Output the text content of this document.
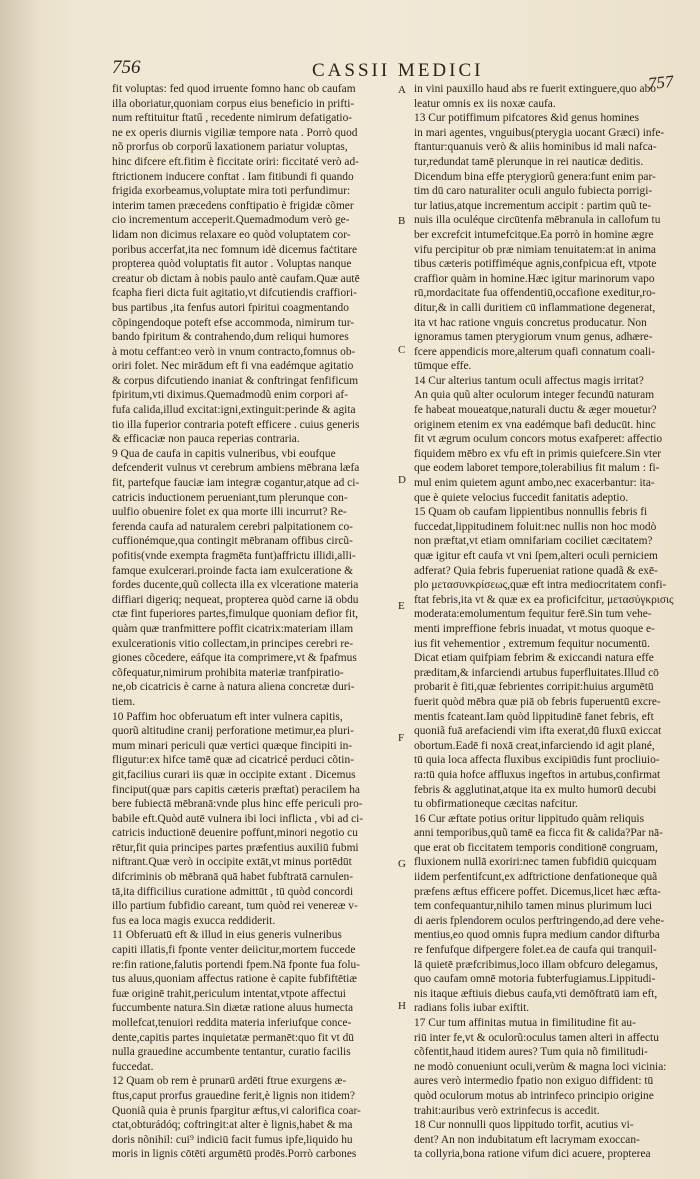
756	CASSII MEDICI
757
fit voluptas: fed quod irruente fomno hanc ob caufam
illa oboriatur,quoniam corpus eius beneficio in prifti-
num reftituitur ftatű , recedente nimirum defatigatio-
ne ex operis diurnis vigiliæ tempore nata . Porrò quod
nõ prorfus ob corporű laxationem pariatur voluptas,
hinc difcere eft.fitim è ficcitate oriri: ficcitaté verò ad-
ftrictionem inducere conftat . Iam fitibundi fi quando
frigida exorbeamus,voluptate mira toti perfundimur:
interim tamen præcedens conftipatio è frigidæ cõmer
cio incrementum acceperit.Quemadmodum verò ge-
lidam non dicimus relaxare eo quòd voluptatem cor-
poribus accerfat,ita nec fomnum idè dicemus faċtitare
propterea quòd voluptatis fit autor . Voluptas nanque
creatur ob dictam à nobis paulo antè caufam.Quæ autē
fcapha fieri dicta fuit agitatio,vt difcutiendis craffiori-
bus partibus ,ita fenfus autori fpiritui coagmentando
cõpingendoque poteft efse accommoda, nimirum tur-
bando fpiritum & contrahendo,dum reliqui humores
à motu ceffant:eo verò in vnum contracto,fomnus ob-
oriri folet. Nec mirādum eft fi vna eadémque agitatio
& corpus difcutiendo inaniat & conftringat fenfificum
fpiritum,vti diximus.Quemadmodũ enim corpori af-
fufa calida,illud excitat:igni,extinguit:perinde & agita
tio illa fuperior contraria poteft efficere . cuius generis
& efficaciæ non pauca reperias contraria.
9 Qua de caufa in capitis vulneribus, vbi eoufque
defcenderit vulnus vt cerebrum ambiens mēbrana læfa
fit, partefque fauciæ iam integræ cogantur,atque ad ci-
catricis inductionem perueniant,tum plerunque con-
uulfio obuenire folet ex qua morte illi incurrut? Re-
ferenda caufa ad naturalem cerebri palpitationem co-
cuffionémque,qua contingit mēbranam offibus circũ-
pofitis(vnde exempta fragmēta funt)affrictu illidi,alli-
famque exulcerari.proinde facta iam exulceratione &
fordes ducente,quũ collecta illa ex vlceratione materia
diffiari digeriq; nequeat, propterea quòd carne iā obdu
ctæ fint fuperiores partes,fimulque quoniam defior fit,
quàm quæ tranfmittere poffit cicatrix:materiam illam
exulcerationis vitio collectam,in principes cerebri re-
giones cõcedere, eáfque ita comprimere,vt & fpafmus
cõfequatur,nimirum prohibita materiæ tranfpiratio-
ne,ob cicatricis è carne à natura aliena concretæ duri-
tiem.
10 Paffim hoc obferuatum eft inter vulnera capitis,
quorũ altitudine cranij perforatione metimur,ea pluri-
mum minari periculi quæ vertici quæque fincipiti in-
fligutur:ex hifce tamē quæ ad cicatricé perduci cõtin-
git,facilius curari iis quæ in occipite extant . Dicemus
finciput(quæ pars capitis cæteris præftat) peracilem ha
bere fubiectā mēbranā:vnde plus hinc effe periculi pro-
babile eft.Quòd autē vulnera ibi loci inflicta , vbi ad ci-
catricis inductionē deuenire poffunt,minori negotio cu
rētur,fit quia principes partes præfentius auxiliū fubmi
niftrant.Quæ verò in occipite extāt,vt minus portēdūt
difcriminis ob mēbranā quā habet fubftratā carnulen-
tā,ita difficilius curatione admittūt , tū quòd concordi
illo partium fubfidio careant, tum quòd rei venereæ v-
fus ea loca magis exucca reddiderit.
11 Obferuatū eft & illud in eius generis vulneribus
capiti illatis,fi fponte venter deiicitur,mortem fuccede
re:fin ratione,falutis portendi fpem.Nā fponte fua folu-
tus aluus,quoniam affectus ratione è capite fubfiftētiæ
fuæ originē trahit,periculum intentat,vtpote affectui
fuccumbente natura.Sin diætæ ratione aluus humecta
mollefcat,tenuiori reddita materia inferiufque conce-
dente,capitis partes inquietatæ permanēt:quo fit vt dū
nulla grauedine accumbente tentantur, curatio facilis
fuccedat.
12 Quam ob rem è prunarū ardēti ftrue exurgens æ-
ftus,caput prorfus grauedine ferit,è lignis non itidem?
Quoniã quia è prunis fpargitur æftus,vi calorifica coar-
ctat,obturádóq; coftringit:at alter è lignis,habet & ma
doris nõnihil: cui⁹ indiciū facit fumus ipfe,liquido hu
moris in lignis cōtēti argumētū prodēs.Porrò carbones
in vini pauxillo haud abs re fuerit extinguere,quo abo
leatur omnis ex iis noxæ caufa.
13 Cur potiffimum pifcatores &id genus homines
in mari agentes, vnguibus(pterygia uocant Græci) infe-
ftantur:quanuis verò & aliis hominibus id mali nafca-
tur,redundat tamē plerunque in rei nauticæ deditis.
Dicendum bina effe pterygiorũ genera:funt enim par-
tim dū caro naturaliter oculi angulo fubiecta porrigi-
tur latius,atque incrementum accipit : partim quũ te-
nuis illa oculéque circūtenfa mēbranula in callofum tu
ber excrefcit intumefcitque.Ea porrò in homine ægre
vifu percipitur ob præ nimiam tenuitatem:at in anima
tibus cæteris potiffiméque agnis,confpicua eft, vtpote
craffior quàm in homine.Hæc igitur marinorum vapo
rū,mordacitate fua offendentiū,occafione exeditur,ro-
ditur,& in calli duritiem cū inflammatione degenerat,
ita vt hac ratione vnguis concretus producatur. Non
ignoramus tamen pterygiorum vnum genus, adhære-
fcere appendicis more,alterum quafi connatum coali-
tūmque effe.
14 Cur alterius tantum oculi affectus magis irritat?
An quia quũ alter oculorum integer fecundū naturam
fe habeat moueatque,naturali ductu & æger mouetur?
originem etenim ex vna eadémque bafi deducūt. hinc
fit vt ægrum oculum concors motus exafperet: affectio
fiquidem mēbro ex vfu eft in primis quiefcere.Sin vter
que eodem laboret tempore,tolerabilius fit malum : fi-
mul enim quietem agunt ambo,nec exacerbantur: ita-
que è quiete velocius fuccedit fanitatis adeptio.
15 Quam ob caufam lippientibus nonnullis febris fi
fuccedat,lippitudinem foluit:nec nullis non hoc modò
non præftat,vt etiam omnifariam cociliet cæcitatem?
quæ igitur eft caufa vt vni ſpem,alteri oculi perniciem
adferat? Quia febris fuperueniat ratione quadã & exē-
plo μετασυνκρίσεως,quæ eft intra mediocritatem confi-
ftat febris,ita vt & quæ ex ea proficifcitur, μετασύγκρισις
moderata:emolumentum fequitur ferē.Sin tum vehe-
menti impreffione febris inuadat, vt motus quoque e-
ius fit vehementior , extremum fequitur nocumentū.
Dicat etiam quifpiam febrim & exiccandi natura effe
præditam,& infarciendi artubus fuperfluitates.Illud cō
probarit è fiti,quæ febrientes corripit:huius argumētū
fuerit quòd mēbra quæ piā ob febris fuperuentū excre-
mentis fcateant.Iam quòd lippitudinē fanet febris, eft
quoniã fuā arefaciendi vim ifta exerat,dū fluxū exiccat
obortum.Eadē fi noxā creat,infarciendo id agit plané,
tū quia loca affecta fluxibus excipiūdis funt procliuio-
ra:tū quia hofce affluxus ingeftos in artubus,confirmat
febris & agglutinat,atque ita ex multo humorū decubi
tu obfirmationeque cæcitas nafcitur.
16 Cur æftate potius oritur lippitudo quàm reliquis
anni temporibus,quũ tamē ea ficca fit & calida?Par nā-
que erat ob ficcitatem temporis conditionē congruam,
fluxionem nullā exoriri:nec tamen fubfidiū quicquam
iidem perfentifcunt,ex adftrictione denfationeque quã
præfens æftus efficere poffet. Dicemus,licet hæc æfta-
tem confequantur,nihilo tamen minus plurimum luci
di aeris fplendorem oculos perftringendo,ad dere vehe-
mentius,eo quod omnis fupra medium candor difturba
re fenfufque difpergere folet.ea de caufa qui tranquil-
lā quietē præfcribimus,loco illam obfcuro delegamus,
quo caufam omnē motoria fubterfugiamus.Lippitudi-
nis itaque æftiuis diebus caufa,vti demōftratū iam eft,
radians folis iubar exiftit.
17 Cur tum affinitas mutua in fimilitudine fit au-
riū inter fe,vt & oculorũ:oculus tamen alteri in affectu
cõfentit,haud itidem aures? Tum quia nõ fimilitudi-
ne modò conueniunt oculi,verùm & magna loci vicinia:
aures verò intermedio fpatio non exiguo diffident: tū
quòd oculorum motus ab intrinfeco principio origine
trahit:auribus verò extrinfecus is accedit.
18 Cur nonnulli quos lippitudo torfit, acutius vi-
dent? An non indubitatum eft lacrymam exoccan-
ta collyria,bona ratione vifum dici acuere, propterea
A
B
C
D
E
F
G
H
